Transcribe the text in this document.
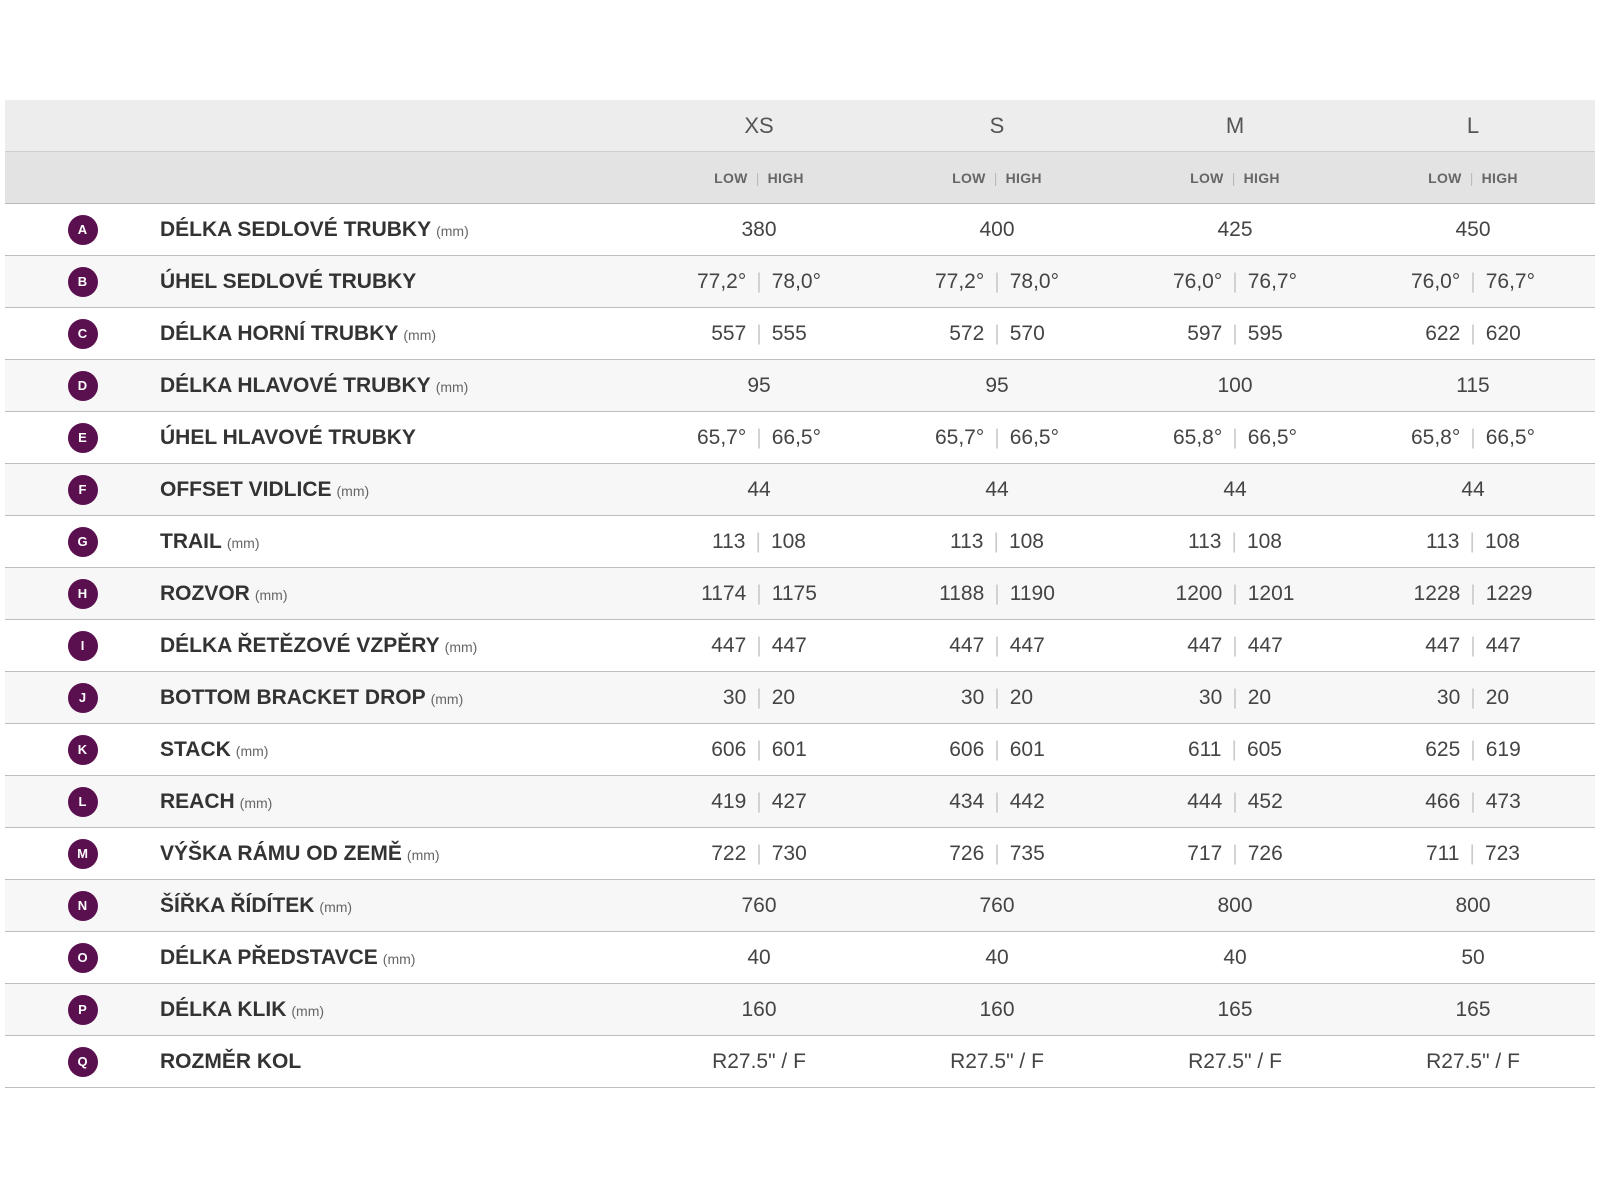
XS	S	M	L
LOW | HIGH	LOW | HIGH	LOW | HIGH	LOW | HIGH
A	DÉLKA SEDLOVÉ TRUBKY (mm)	380	400	425	450
B	ÚHEL SEDLOVÉ TRUBKY	77,2° | 78,0°	77,2° | 78,0°	76,0° | 76,7°	76,0° | 76,7°
C	DÉLKA HORNÍ TRUBKY (mm)	557 | 555	572 | 570	597 | 595	622 | 620
D	DÉLKA HLAVOVÉ TRUBKY (mm)	95	95	100	115
E	ÚHEL HLAVOVÉ TRUBKY	65,7° | 66,5°	65,7° | 66,5°	65,8° | 66,5°	65,8° | 66,5°
F	OFFSET VIDLICE (mm)	44	44	44	44
G	TRAIL (mm)	113 | 108	113 | 108	113 | 108	113 | 108
H	ROZVOR (mm)	1174 | 1175	1188 | 1190	1200 | 1201	1228 | 1229
I	DÉLKA ŘETĚZOVÉ VZPĚRY (mm)	447 | 447	447 | 447	447 | 447	447 | 447
J	BOTTOM BRACKET DROP (mm)	30 | 20	30 | 20	30 | 20	30 | 20
K	STACK (mm)	606 | 601	606 | 601	611 | 605	625 | 619
L	REACH (mm)	419 | 427	434 | 442	444 | 452	466 | 473
M	VÝŠKA RÁMU OD ZEMĚ (mm)	722 | 730	726 | 735	717 | 726	711 | 723
N	ŠÍŘKA ŘÍDÍTEK (mm)	760	760	800	800
O	DÉLKA PŘEDSTAVCE (mm)	40	40	40	50
P	DÉLKA KLIK (mm)	160	160	165	165
Q	ROZMĚR KOL	R27.5" / F	R27.5" / F	R27.5" / F	R27.5" / F
